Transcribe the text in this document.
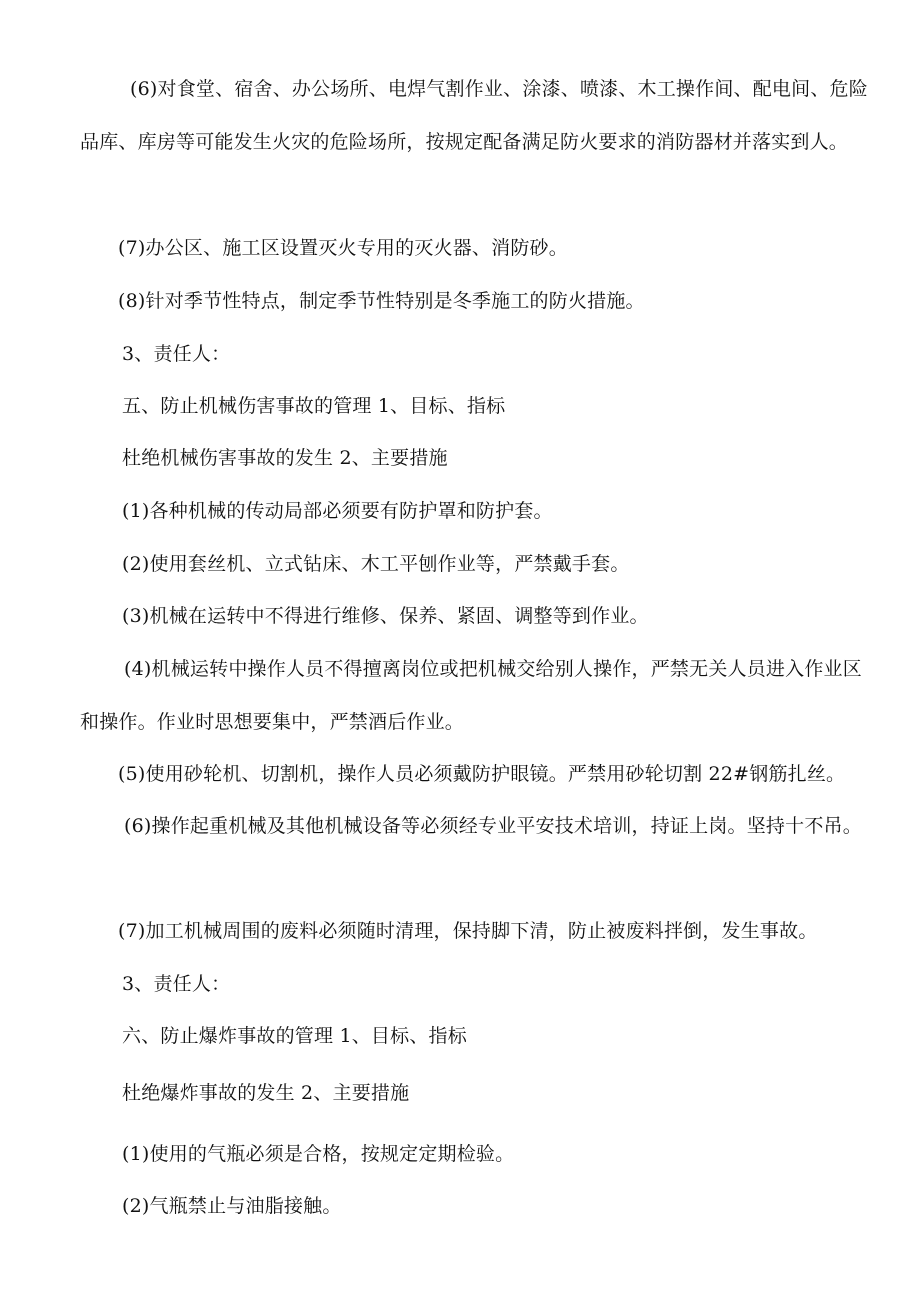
(6)对食堂、宿舍、办公场所、电焊气割作业、涂漆、喷漆、木工操作间、配电间、危险品库、库房等可能发生火灾的危险场所，按规定配备满足防火要求的消防器材并落实到人。

(7)办公区、施工区设置灭火专用的灭火器、消防砂。

(8)针对季节性特点，制定季节性特别是冬季施工的防火措施。

3、责任人：

五、防止机械伤害事故的管理 1、目标、指标

杜绝机械伤害事故的发生 2、主要措施

(1)各种机械的传动局部必须要有防护罩和防护套。

(2)使用套丝机、立式钻床、木工平刨作业等，严禁戴手套。

(3)机械在运转中不得进行维修、保养、紧固、调整等到作业。

(4)机械运转中操作人员不得擅离岗位或把机械交给别人操作，严禁无关人员进入作业区和操作。作业时思想要集中，严禁酒后作业。

(5)使用砂轮机、切割机，操作人员必须戴防护眼镜。严禁用砂轮切割 22#钢筋扎丝。

(6)操作起重机械及其他机械设备等必须经专业平安技术培训，持证上岗。坚持十不吊。

(7)加工机械周围的废料必须随时清理，保持脚下清，防止被废料拌倒，发生事故。

3、责任人：

六、防止爆炸事故的管理 1、目标、指标

杜绝爆炸事故的发生 2、主要措施

(1)使用的气瓶必须是合格，按规定定期检验。

(2)气瓶禁止与油脂接触。
